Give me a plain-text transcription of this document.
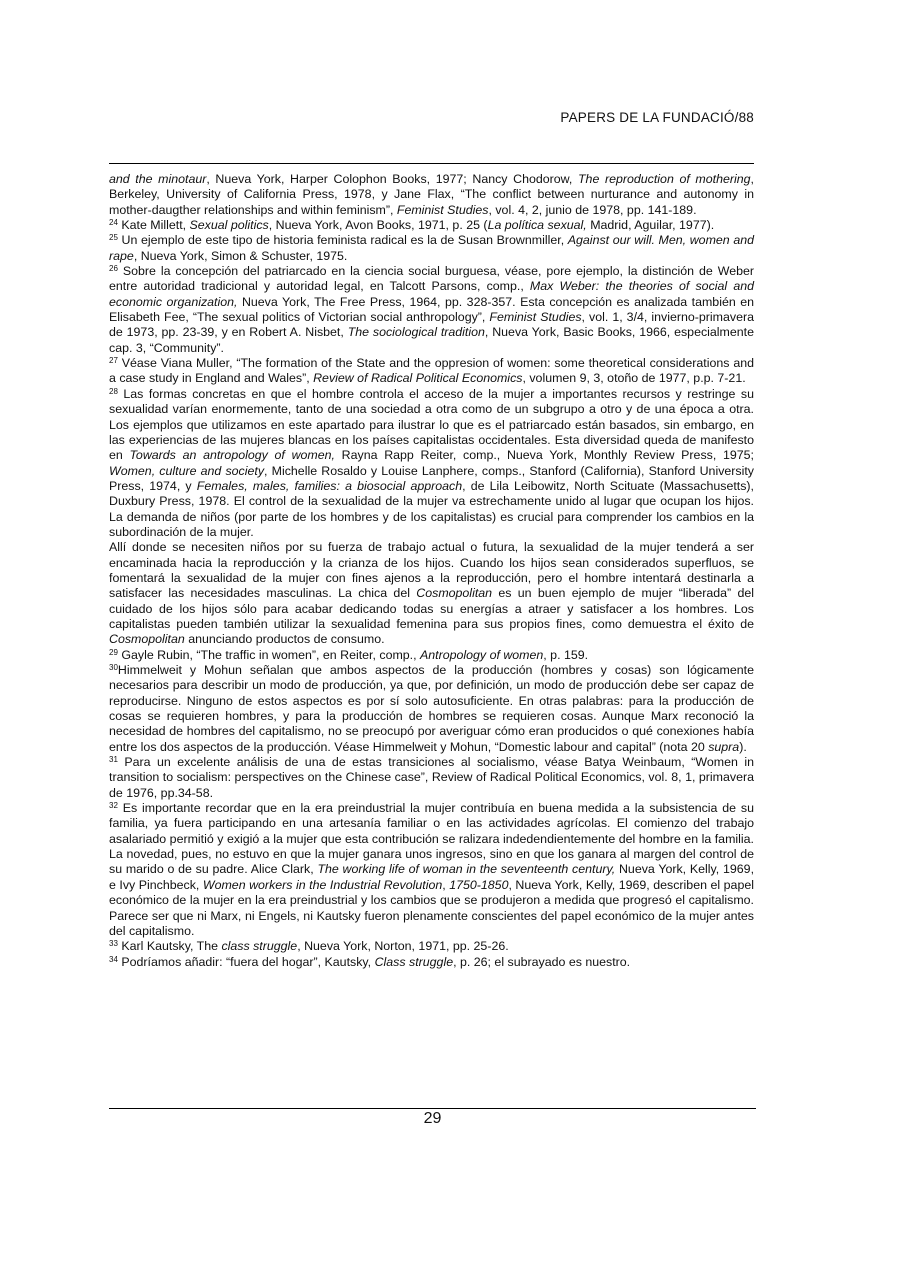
PAPERS DE LA FUNDACIÓ/88

and the minotaur, Nueva York, Harper Colophon Books, 1977; Nancy Chodorow, The reproduction of mothering, Berkeley, University of California Press, 1978, y Jane Flax, “The conflict between nurturance and autonomy in mother-daugther relationships and within feminism”, Feminist Studies, vol. 4, 2, junio de 1978, pp. 141-189.

$^{24}$ Kate Millett, Sexual politics, Nueva York, Avon Books, 1971, p. 25 (La política sexual, Madrid, Aguilar, 1977).

$^{25}$ Un ejemplo de este tipo de historia feminista radical es la de Susan Brownmiller, Against our will. Men, women and rape, Nueva York, Simon & Schuster, 1975.

$^{26}$ Sobre la concepción del patriarcado en la ciencia social burguesa, véase, pore ejemplo, la distinción de Weber entre autoridad tradicional y autoridad legal, en Talcott Parsons, comp., Max Weber: the theories of social and economic organization, Nueva York, The Free Press, 1964, pp. 328-357. Esta concepción es analizada también en Elisabeth Fee, “The sexual politics of Victorian social anthropology”, Feminist Studies, vol. 1, 3/4, invierno-primavera de 1973, pp. 23-39, y en Robert A. Nisbet, The sociological tradition, Nueva York, Basic Books, 1966, especialmente cap. 3, “Community”.

$^{27}$ Véase Viana Muller, “The formation of the State and the oppresion of women: some theoretical considerations and a case study in England and Wales”, Review of Radical Political Economics, volumen 9, 3, otoño de 1977, p.p. 7-21.

$^{28}$ Las formas concretas en que el hombre controla el acceso de la mujer a importantes recursos y restringe su sexualidad varían enormemente, tanto de una sociedad a otra como de un subgrupo a otro y de una época a otra. Los ejemplos que utilizamos en este apartado para ilustrar lo que es el patriarcado están basados, sin embargo, en las experiencias de las mujeres blancas en los países capitalistas occidentales. Esta diversidad queda de manifesto en Towards an antropology of women, Rayna Rapp Reiter, comp., Nueva York, Monthly Review Press, 1975; Women, culture and society, Michelle Rosaldo y Louise Lanphere, comps., Stanford (California), Stanford University Press, 1974, y Females, males, families: a biosocial approach, de Lila Leibowitz, North Scituate (Massachusetts), Duxbury Press, 1978. El control de la sexualidad de la mujer va estrechamente unido al lugar que ocupan los hijos. La demanda de niños (por parte de los hombres y de los capitalistas) es crucial para comprender los cambios en la subordinación de la mujer.

Allí donde se necesiten niños por su fuerza de trabajo actual o futura, la sexualidad de la mujer tenderá a ser encaminada hacia la reproducción y la crianza de los hijos. Cuando los hijos sean considerados superfluos, se fomentará la sexualidad de la mujer con fines ajenos a la reproducción, pero el hombre intentará destinarla a satisfacer las necesidades masculinas. La chica del Cosmopolitan es un buen ejemplo de mujer “liberada” del cuidado de los hijos sólo para acabar dedicando todas su energías a atraer y satisfacer a los hombres. Los capitalistas pueden también utilizar la sexualidad femenina para sus propios fines, como demuestra el éxito de Cosmopolitan anunciando productos de consumo.

$^{29}$ Gayle Rubin, “The traffic in women”, en Reiter, comp., Antropology of women, p. 159.

$^{30}$Himmelweit y Mohun señalan que ambos aspectos de la producción (hombres y cosas) son lógicamente necesarios para describir un modo de producción, ya que, por definición, un modo de producción debe ser capaz de reproducirse. Ninguno de estos aspectos es por sí solo autosuficiente. En otras palabras: para la producción de cosas se requieren hombres, y para la producción de hombres se requieren cosas. Aunque Marx reconoció la necesidad de hombres del capitalismo, no se preocupó por averiguar cómo eran producidos o qué conexiones había entre los dos aspectos de la producción. Véase Himmelweit y Mohun, “Domestic labour and capital” (nota 20 supra).

$^{31}$ Para un excelente análisis de una de estas transiciones al socialismo, véase Batya Weinbaum, “Women in transition to socialism: perspectives on the Chinese case”, Review of Radical Political Economics, vol. 8, 1, primavera de 1976, pp.34-58.

$^{32}$ Es importante recordar que en la era preindustrial la mujer contribuía en buena medida a la subsistencia de su familia, ya fuera participando en una artesanía familiar o en las actividades agrícolas. El comienzo del trabajo asalariado permitió y exigió a la mujer que esta contribución se ralizara indedendientemente del hombre en la familia. La novedad, pues, no estuvo en que la mujer ganara unos ingresos, sino en que los ganara al margen del control de su marido o de su padre. Alice Clark, The working life of woman in the seventeenth century, Nueva York, Kelly, 1969, e Ivy Pinchbeck, Women workers in the Industrial Revolution, 1750-1850, Nueva York, Kelly, 1969, describen el papel económico de la mujer en la era preindustrial y los cambios que se produjeron a medida que progresó el capitalismo. Parece ser que ni Marx, ni Engels, ni Kautsky fueron plenamente conscientes del papel económico de la mujer antes del capitalismo.

$^{33}$ Karl Kautsky, The class struggle, Nueva York, Norton, 1971, pp. 25-26.

$^{34}$ Podríamos añadir: “fuera del hogar”, Kautsky, Class struggle, p. 26; el subrayado es nuestro.

29
